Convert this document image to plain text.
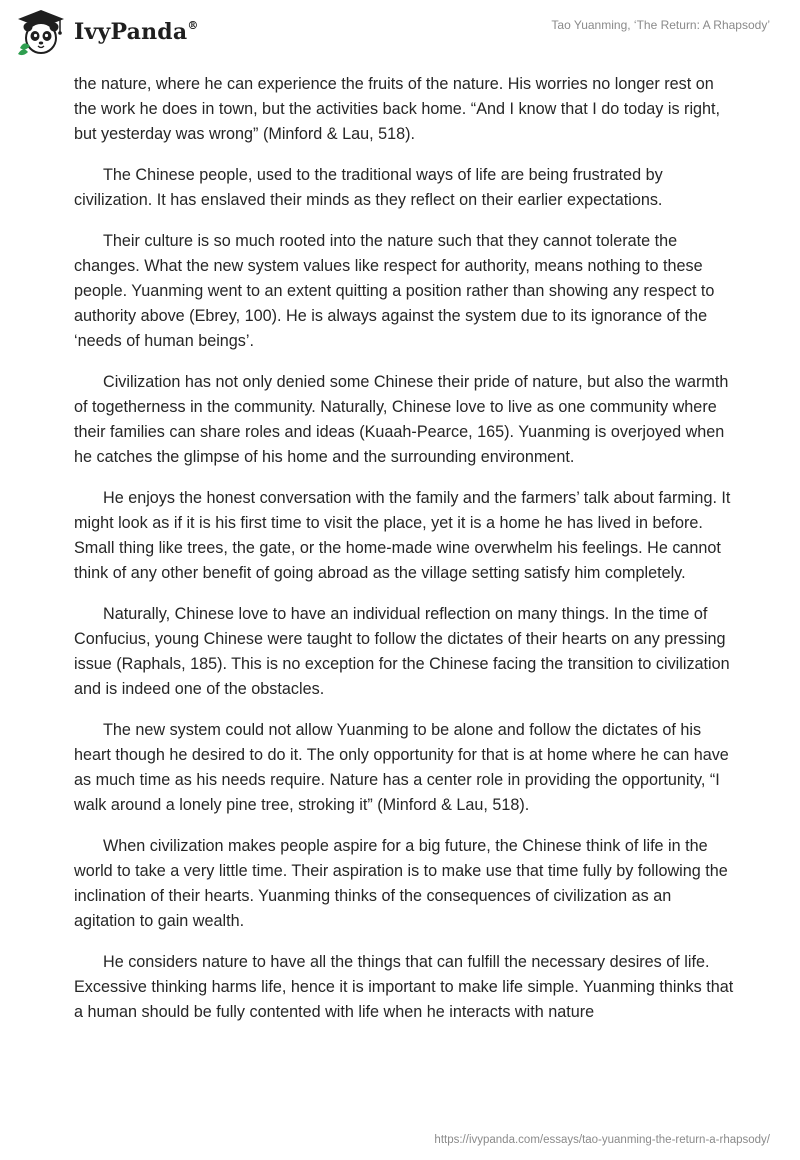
IvyPanda®	Tao Yuanming, ‘The Return: A Rhapsody’

the nature, where he can experience the fruits of the nature. His worries no longer rest on the work he does in town, but the activities back home. “And I know that I do today is right, but yesterday was wrong” (Minford & Lau, 518).

The Chinese people, used to the traditional ways of life are being frustrated by civilization. It has enslaved their minds as they reflect on their earlier expectations.

Their culture is so much rooted into the nature such that they cannot tolerate the changes. What the new system values like respect for authority, means nothing to these people. Yuanming went to an extent quitting a position rather than showing any respect to authority above (Ebrey, 100). He is always against the system due to its ignorance of the ‘needs of human beings’.

Civilization has not only denied some Chinese their pride of nature, but also the warmth of togetherness in the community. Naturally, Chinese love to live as one community where their families can share roles and ideas (Kuaah-Pearce, 165). Yuanming is overjoyed when he catches the glimpse of his home and the surrounding environment.

He enjoys the honest conversation with the family and the farmers’ talk about farming. It might look as if it is his first time to visit the place, yet it is a home he has lived in before. Small thing like trees, the gate, or the home-made wine overwhelm his feelings. He cannot think of any other benefit of going abroad as the village setting satisfy him completely.

Naturally, Chinese love to have an individual reflection on many things. In the time of Confucius, young Chinese were taught to follow the dictates of their hearts on any pressing issue (Raphals, 185). This is no exception for the Chinese facing the transition to civilization and is indeed one of the obstacles.

The new system could not allow Yuanming to be alone and follow the dictates of his heart though he desired to do it. The only opportunity for that is at home where he can have as much time as his needs require. Nature has a center role in providing the opportunity, “I walk around a lonely pine tree, stroking it” (Minford & Lau, 518).

When civilization makes people aspire for a big future, the Chinese think of life in the world to take a very little time. Their aspiration is to make use that time fully by following the inclination of their hearts. Yuanming thinks of the consequences of civilization as an agitation to gain wealth.

He considers nature to have all the things that can fulfill the necessary desires of life. Excessive thinking harms life, hence it is important to make life simple. Yuanming thinks that a human should be fully contented with life when he interacts with nature

https://ivypanda.com/essays/tao-yuanming-the-return-a-rhapsody/
